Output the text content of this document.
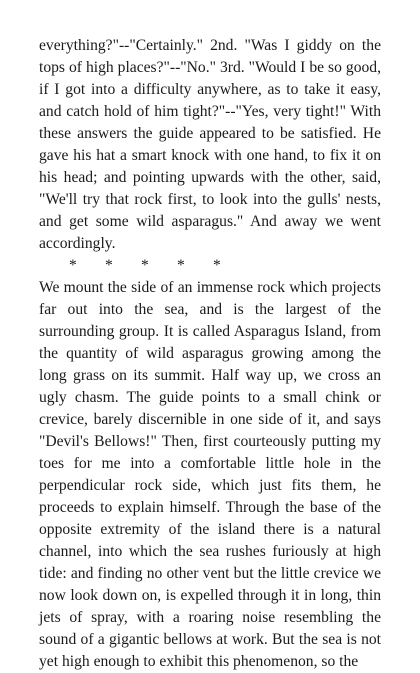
everything?"--"Certainly." 2nd. "Was I giddy on the tops of high places?"--"No." 3rd. "Would I be so good, if I got into a difficulty anywhere, as to take it easy, and catch hold of him tight?"--"Yes, very tight!" With these answers the guide appeared to be satisfied. He gave his hat a smart knock with one hand, to fix it on his head; and pointing upwards with the other, said, "We'll try that rock first, to look into the gulls' nests, and get some wild asparagus." And away we went accordingly.

* * * * *

We mount the side of an immense rock which projects far out into the sea, and is the largest of the surrounding group. It is called Asparagus Island, from the quantity of wild asparagus growing among the long grass on its summit. Half way up, we cross an ugly chasm. The guide points to a small chink or crevice, barely discernible in one side of it, and says "Devil's Bellows!" Then, first courteously putting my toes for me into a comfortable little hole in the perpendicular rock side, which just fits them, he proceeds to explain himself. Through the base of the opposite extremity of the island there is a natural channel, into which the sea rushes furiously at high tide: and finding no other vent but the little crevice we now look down on, is expelled through it in long, thin jets of spray, with a roaring noise resembling the sound of a gigantic bellows at work. But the sea is not yet high enough to exhibit this phenomenon, so the
